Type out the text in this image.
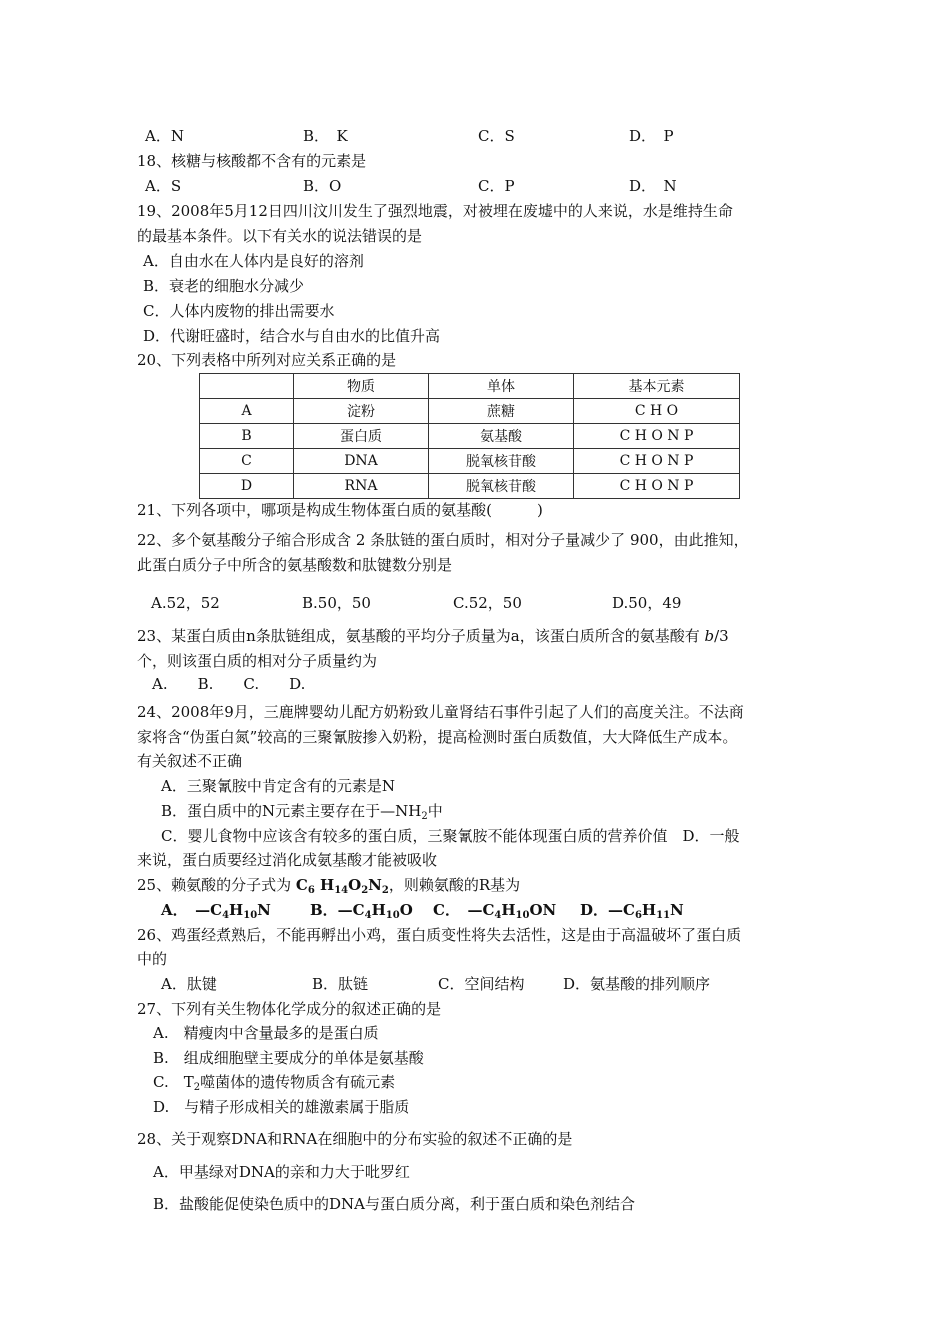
A．N	B．　K	C．S	D．　P
18、核糖与核酸都不含有的元素是
A．S	B．O	C．P	D．　N
19、2008年5月12日四川汶川发生了强烈地震，对被埋在废墟中的人来说，水是维持生命
的最基本条件。以下有关水的说法错误的是
A．自由水在人体内是良好的溶剂
B．衰老的细胞水分减少
C．人体内废物的排出需要水
D．代谢旺盛时，结合水与自由水的比值升高
20、下列表格中所列对应关系正确的是
	物质	单体	基本元素
A	淀粉	蔗糖	C H O
B	蛋白质	氨基酸	C H O N P
C	DNA	脱氧核苷酸	C H O N P
D	RNA	脱氧核苷酸	C H O N P
21、下列各项中，哪项是构成生物体蛋白质的氨基酸(　　　)
22、多个氨基酸分子缩合形成含 2 条肽链的蛋白质时，相对分子量减少了 900，由此推知，
此蛋白质分子中所含的氨基酸数和肽键数分别是
A.52，52	B.50，50	C.52，50	D.50，49
23、某蛋白质由n条肽链组成，氨基酸的平均分子质量为a，该蛋白质所含的氨基酸有 b/3
个，则该蛋白质的相对分子质量约为
A.　　B.　　C.　　D.
24、2008年9月，三鹿牌婴幼儿配方奶粉致儿童肾结石事件引起了人们的高度关注。不法商
家将含“伪蛋白氮”较高的三聚氰胺掺入奶粉，提高检测时蛋白质数值，大大降低生产成本。
有关叙述不正确
A．三聚氰胺中肯定含有的元素是N
B．蛋白质中的N元素主要存在于$—NH_2$中
C．婴儿食物中应该含有较多的蛋白质，三聚氰胺不能体现蛋白质的营养价值　D．一般
来说，蛋白质要经过消化成氨基酸才能被吸收
25、赖氨酸的分子式为 $C_6$ $H_{14}O_2N_2$，则赖氨酸的R基为
A．　$—C_4H_{10}N$	B．$—C_4H_{10}O$ C．　$—C_4H_{10}ON$ D．$—C_6H_{11}N$
26、鸡蛋经煮熟后，不能再孵出小鸡，蛋白质变性将失去活性，这是由于高温破坏了蛋白质
中的
A．肽键	B．肽链	C．空间结构	D．氨基酸的排列顺序
27、下列有关生物体化学成分的叙述正确的是
A.　精瘦肉中含量最多的是蛋白质
B.　组成细胞壁主要成分的单体是氨基酸
C.　$T_2$噬菌体的遗传物质含有硫元素
D.　与精子形成相关的雄激素属于脂质
28、关于观察DNA和RNA在细胞中的分布实验的叙述不正确的是
A．甲基绿对DNA的亲和力大于吡罗红
B．盐酸能促使染色质中的DNA与蛋白质分离，利于蛋白质和染色剂结合
